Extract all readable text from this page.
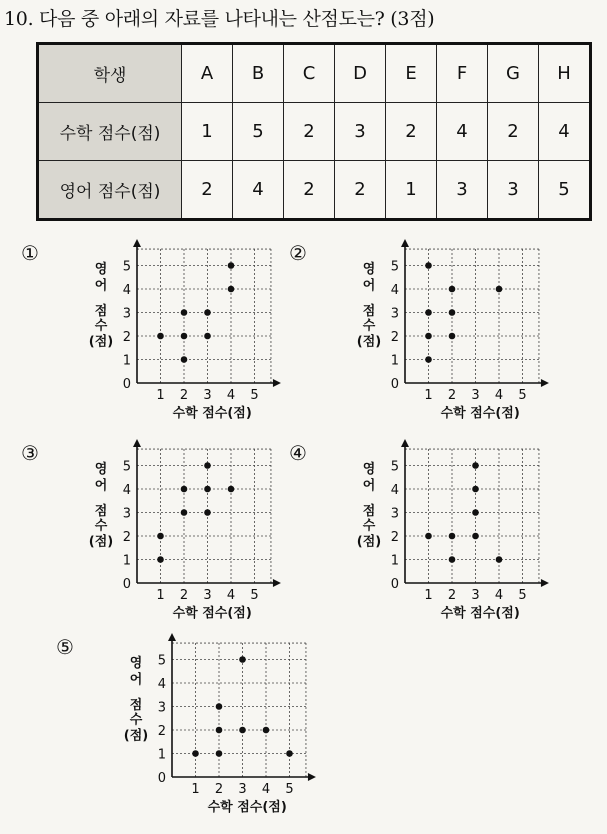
10. 다음 중 아래의 자료를 나타내는 산점도는? (3점)
학생	A	B	C	D	E	F	G	H
수학 점수(점)	1	5	2	3	2	4	2	4
영어 점수(점)	2	4	2	2	1	3	3	5
①
1 2 3 4 5
0
1
2
3
4
5
수학 점수(점)
영
어
점
수
(점)
②
1 2 3 4 5
0
1
2
3
4
5
수학 점수(점)
영
어
점
수
(점)
③
1 2 3 4 5
0
1
2
3
4
5
수학 점수(점)
영
어
점
수
(점)
④
1 2 3 4 5
0
1
2
3
4
5
수학 점수(점)
영
어
점
수
(점)
⑤
1 2 3 4 5
0
1
2
3
4
5
수학 점수(점)
영
어
점
수
(점)
